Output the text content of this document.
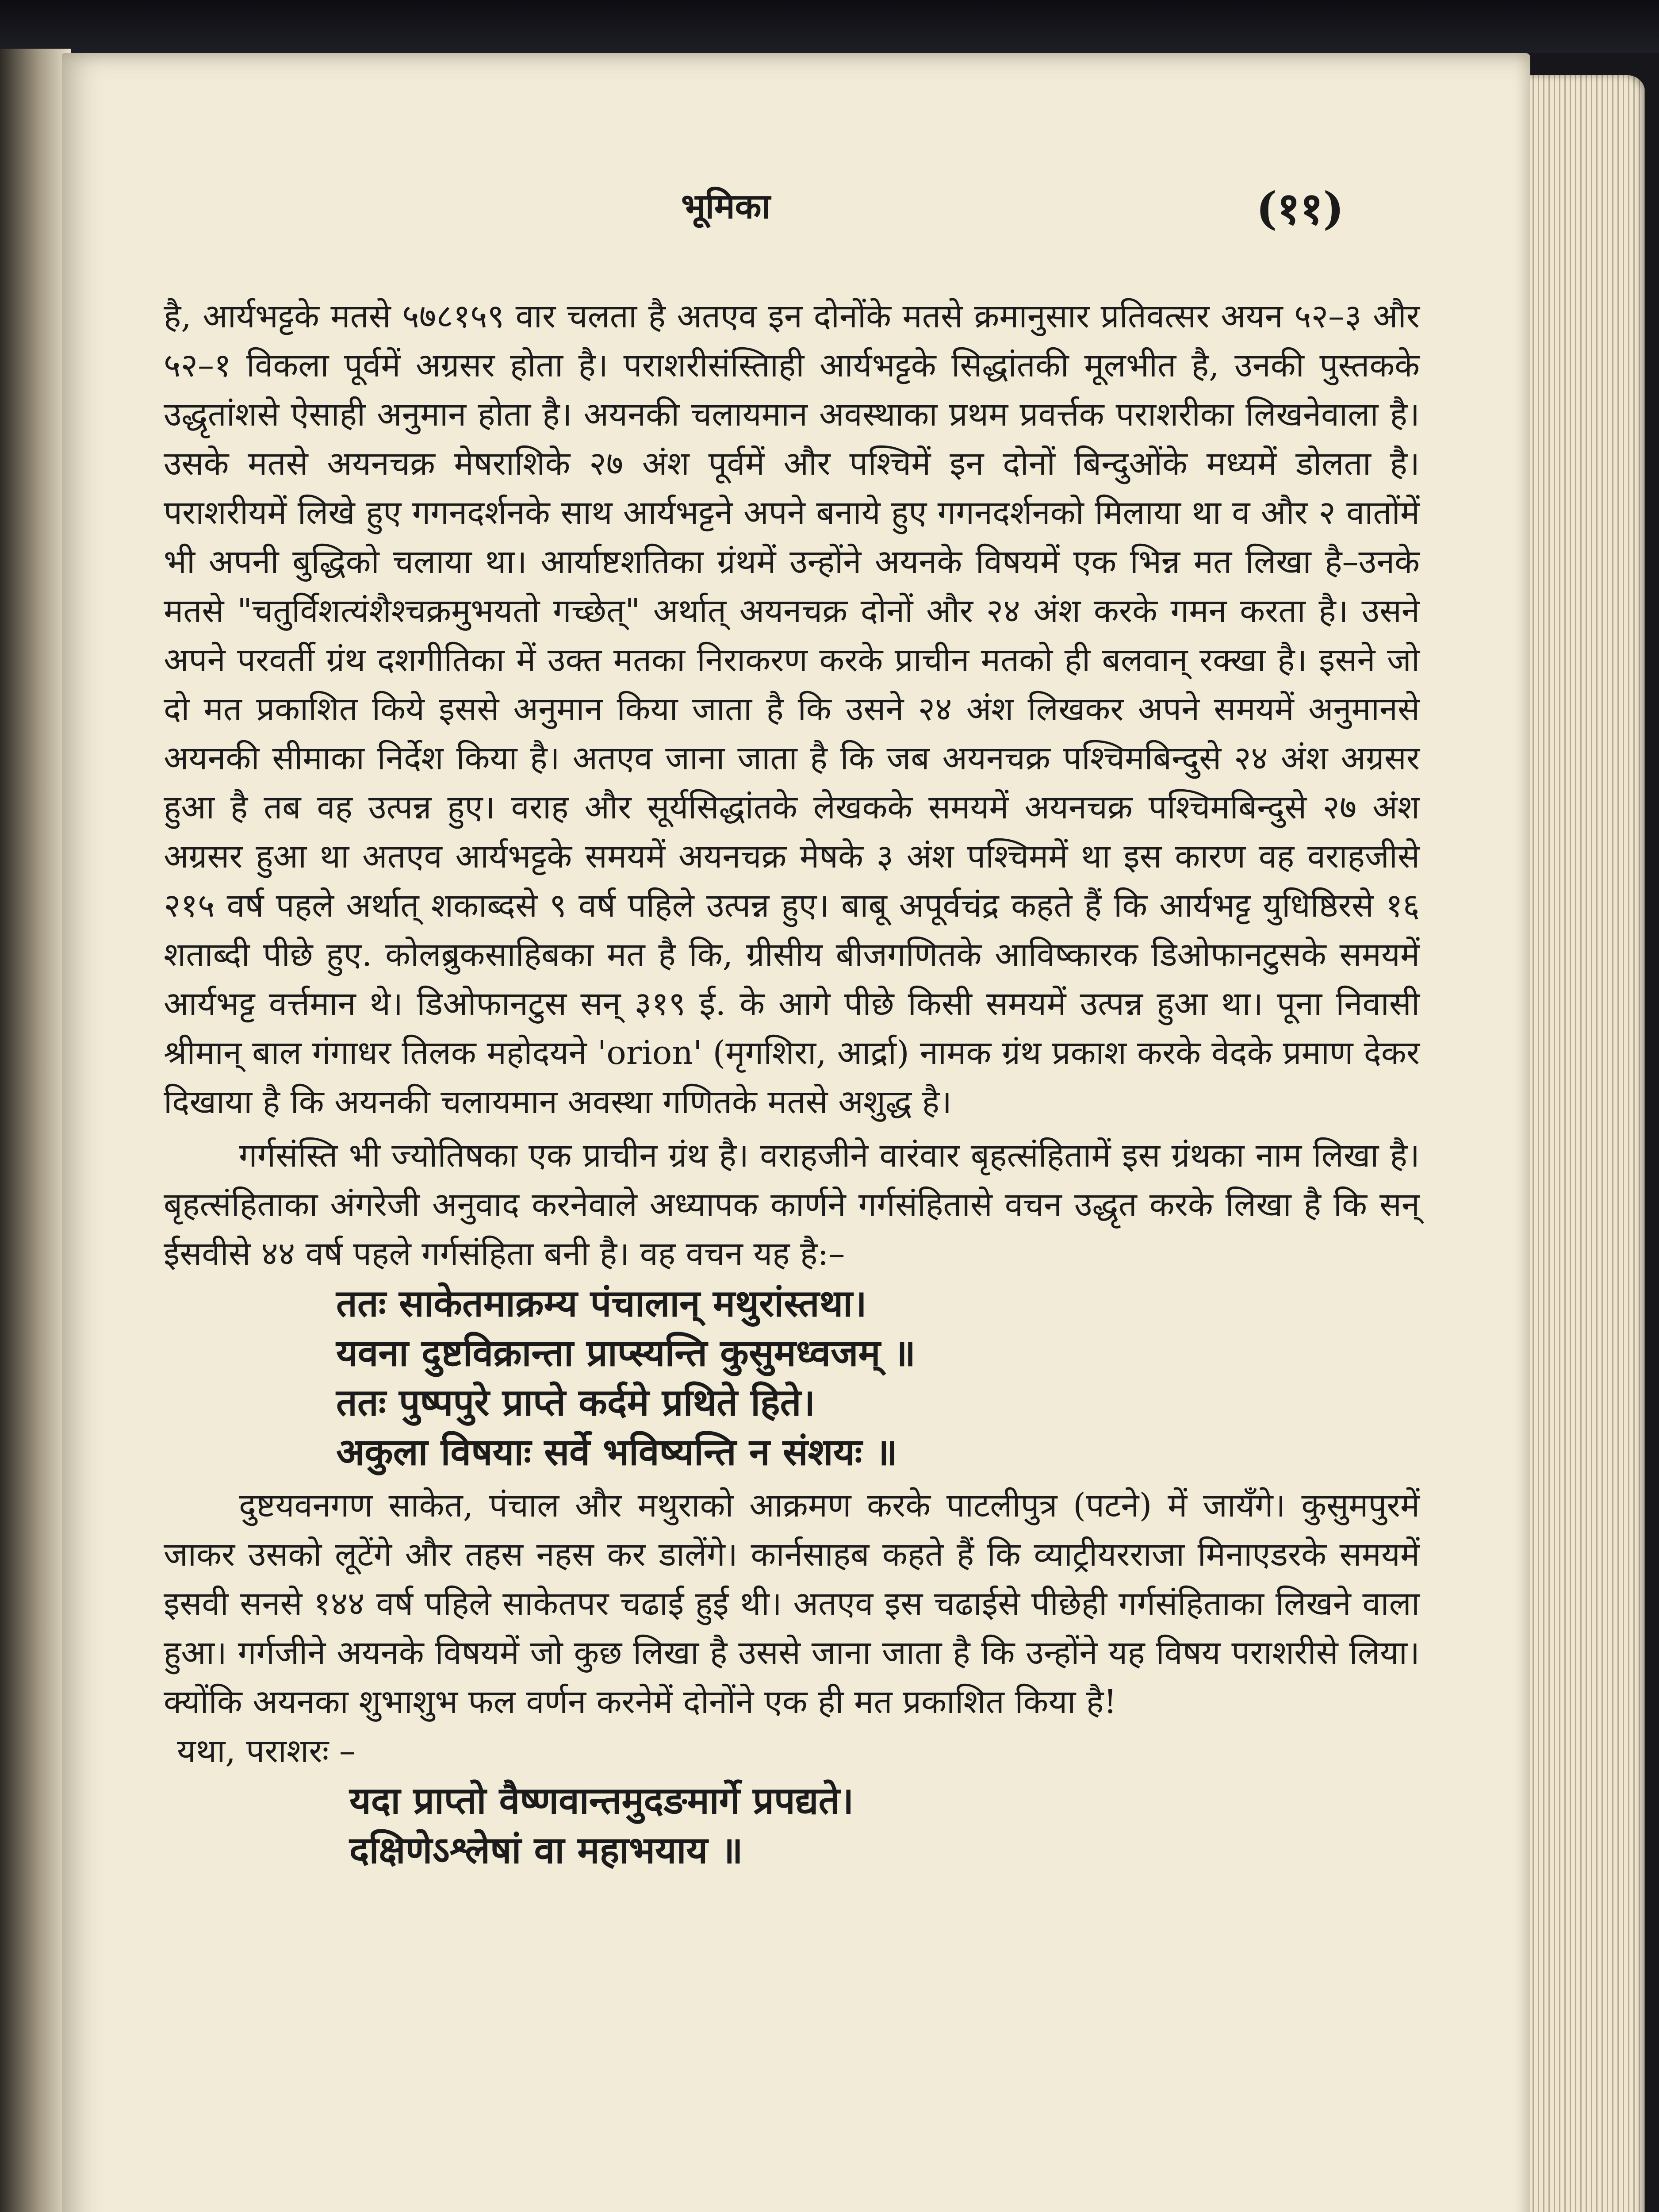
भूमिका	(११)

है, आर्यभट्टके मतसे ५७८१५९ वार चलता है अतएव इन दोनोंके मतसे क्रमानुसार प्रतिवत्सर अयन ५२–३ और ५२–१ विकला पूर्वमें अग्रसर होता है। पराशरीसंस्तिाही आर्यभट्टके सिद्धांतकी मूलभीत है, उनकी पुस्तकके उद्धृतांशसे ऐसाही अनुमान होता है। अयनकी चलायमान अवस्थाका प्रथम प्रवर्त्तक पराशरीका लिखनेवाला है। उसके मतसे अयनचक्र मेषराशिके २७ अंश पूर्वमें और पश्चिमें इन दोनों बिन्दुओंके मध्यमें डोलता है। पराशरीयमें लिखे हुए गगनदर्शनके साथ आर्यभट्टने अपने बनाये हुए गगनदर्शनको मिलाया था व और २ वातोंमें भी अपनी बुद्धिको चलाया था। आर्याष्टशतिका ग्रंथमें उन्होंने अयनके विषयमें एक भिन्न मत लिखा है–उनके मतसे "चतुर्विशत्यंशैश्चक्रमुभयतो गच्छेत्" अर्थात् अयनचक्र दोनों और २४ अंश करके गमन करता है। उसने अपने परवर्ती ग्रंथ दशगीतिका में उक्त मतका निराकरण करके प्राचीन मतको ही बलवान् रक्खा है। इसने जो दो मत प्रकाशित किये इससे अनुमान किया जाता है कि उसने २४ अंश लिखकर अपने समयमें अनुमानसे अयनकी सीमाका निर्देश किया है। अतएव जाना जाता है कि जब अयनचक्र पश्चिमबिन्दुसे २४ अंश अग्रसर हुआ है तब वह उत्पन्न हुए। वराह और सूर्यसिद्धांतके लेखकके समयमें अयनचक्र पश्चिमबिन्दुसे २७ अंश अग्रसर हुआ था अतएव आर्यभट्टके समयमें अयनचक्र मेषके ३ अंश पश्चिममें था इस कारण वह वराहजीसे २१५ वर्ष पहले अर्थात् शकाब्दसे ९ वर्ष पहिले उत्पन्न हुए। बाबू अपूर्वचंद्र कहते हैं कि आर्यभट्ट युधिष्ठिरसे १६ शताब्दी पीछे हुए. कोलब्रुकसाहिबका मत है कि, ग्रीसीय बीजगणितके आविष्कारक डिओफानटुसके समयमें आर्यभट्ट वर्त्तमान थे। डिओफानटुस सन् ३१९ ई. के आगे पीछे किसी समयमें उत्पन्न हुआ था। पूना निवासी श्रीमान् बाल गंगाधर तिलक महोदयने 'orion' (मृगशिरा, आर्द्रा) नामक ग्रंथ प्रकाश करके वेदके प्रमाण देकर दिखाया है कि अयनकी चलायमान अवस्था गणितके मतसे अशुद्ध है।

गर्गसंस्ति भी ज्योतिषका एक प्राचीन ग्रंथ है। वराहजीने वारंवार बृहत्संहितामें इस ग्रंथका नाम लिखा है। बृहत्संहिताका अंगरेजी अनुवाद करनेवाले अध्यापक कार्णने गर्गसंहितासे वचन उद्धृत करके लिखा है कि सन् ईसवीसे ४४ वर्ष पहले गर्गसंहिता बनी है। वह वचन यह है:–

ततः साकेतमाक्रम्य पंचालान् मथुरांस्तथा।
यवना दुष्टविक्रान्ता प्राप्स्यन्ति कुसुमध्वजम् ॥
ततः पुष्पपुरे प्राप्ते कर्दमे प्रथिते हिते।
अकुला विषयाः सर्वे भविष्यन्ति न संशयः ॥

दुष्टयवनगण साकेत, पंचाल और मथुराको आक्रमण करके पाटलीपुत्र (पटने) में जायँगे। कुसुमपुरमें जाकर उसको लूटेंगे और तहस नहस कर डालेंगे। कार्नसाहब कहते हैं कि व्याट्रीयरराजा मिनाएडरके समयमें इसवी सनसे १४४ वर्ष पहिले साकेतपर चढाई हुई थी। अतएव इस चढाईसे पीछेही गर्गसंहिताका लिखने वाला हुआ। गर्गजीने अयनके विषयमें जो कुछ लिखा है उससे जाना जाता है कि उन्होंने यह विषय पराशरीसे लिया। क्योंकि अयनका शुभाशुभ फल वर्णन करनेमें दोनोंने एक ही मत प्रकाशित किया है!

यथा, पराशरः –

यदा प्राप्तो वैष्णवान्तमुदङमार्गे प्रपद्यते।
दक्षिणेऽश्लेषां वा महाभयाय ॥
